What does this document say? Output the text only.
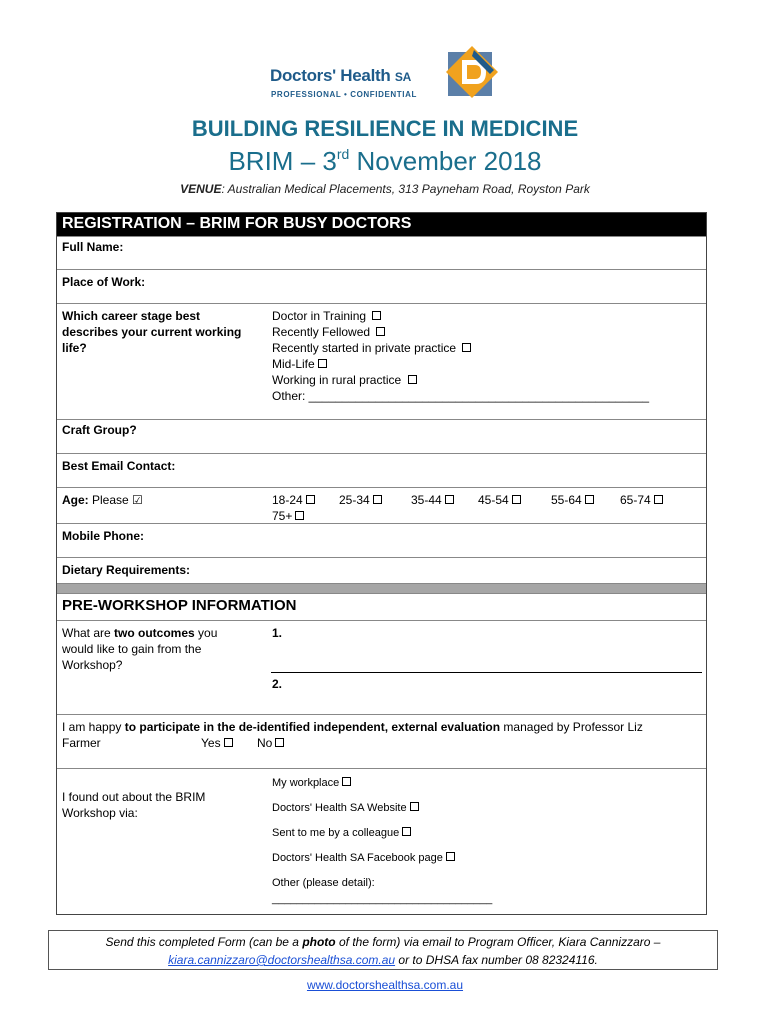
Doctors' Health SA
PROFESSIONAL • CONFIDENTIAL
BUILDING RESILIENCE IN MEDICINE
BRIM – 3rd November 2018
VENUE: Australian Medical Placements, 313 Payneham Road, Royston Park
REGISTRATION – BRIM FOR BUSY DOCTORS
Full Name:
Place of Work:
Which career stage best
describes your current working
life?
Doctor in Training
Recently Fellowed
Recently started in private practice
Mid-Life
Working in rural practice
Other: ___________________________________________________
Craft Group?
Best Email Contact:
Age: Please ☑	18-24	25-34	35-44	45-54	55-64	65-74
75+
Mobile Phone:
Dietary Requirements:
PRE-WORKSHOP INFORMATION
What are two outcomes you
would like to gain from the
Workshop?
1.
2.
I am happy to participate in the de-identified independent, external evaluation managed by Professor Liz
Farmer	Yes	No
I found out about the BRIM
Workshop via:
My workplace
Doctors' Health SA Website
Sent to me by a colleague
Doctors' Health SA Facebook page
Other (please detail):
____________________________________
Send this completed Form (can be a photo of the form) via email to Program Officer, Kiara Cannizzaro –
kiara.cannizzaro@doctorshealthsa.com.au or to DHSA fax number 08 82324116.
www.doctorshealthsa.com.au
